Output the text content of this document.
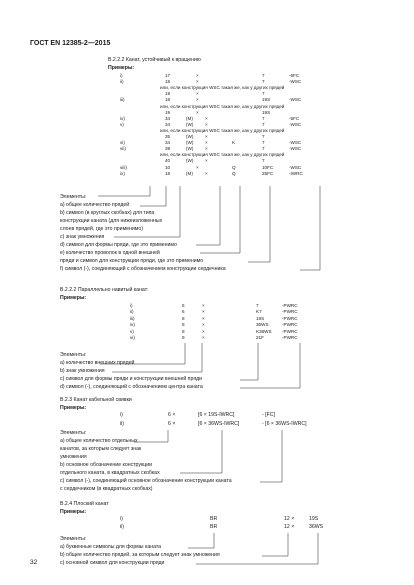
ГОСТ EN 12385-2—2015
В.2.2.2 Канат, устойчивый к вращению
Примеры:
i)	17	×	7	-6FC
ii)	18	×	7	-WSC
или, если конструкция WSC такая же, как у других прядей
19	×	7
iii)	18	×	19S	-WSC
или, если конструкция WSC такая же, как у других прядей
19	×	19S
iv)	34	(M)	×	7	-5FC
v)	34	(W)	×	7	-WSC
или, если конструкция WSC такая же, как у других прядей
35	(W)	×	7
vi)	34	(W)	×	K	7	-WSC
vii)	39	(W)	×	7	-WSC
или, если конструкция WSC такая же, как у других прядей
40	(W)	×	7
viii)	10	×	Q	10FC	-WSC
ix)	18	(M)	×	Q	25FC	-IWRC
Элементы:
a) общее количество прядей
b) символ (в круглых скобках) для типа
конструкции каната (для нижеизложенных
слоев прядей, где это применимо)
c) знак умножения
d) символ для формы пряди, где это применимо
e) количество проволок в одной внешней
пряди и символ для конструкции пряди, где это применимо
f) символ (-), соединяющий с обозначением конструкции сердечника
В.2.2.2 Параллельно навитый канат:
Примеры:
i)	6	×	7	-PWRC
ii)	6	×	K7	-PWRC
iii)	8	×	19S	-PWRC
iv)	8	×	36WS	-PWRC
v)	8	×	K36WS -PWRC
vi)	9	×	21F	-PWRC
Элементы:
a) количество внешних прядей
b) знак умножения
c) символ для формы пряди и конструкции внешней пряди
d) символ (-), соединяющий с обозначением центра каната
В.2.3 Канат кабельной свивки
Примеры:
i)	6 ×	[6 × 19S-IWRC]	- [FC]
ii)	6 ×	[6 × 36WS-IWRC]	- [6 × 36WS-IWRC]
Элементы:
a) общее количество отдельных
канатов, за которым следует знак
умножения
b) основное обозначение конструкции
отдельного каната, в квадратных скобках
c) символ (-), соединяющий основное обозначение конструкции каната
с сердечником (в квадратных скобках)
В.2.4 Плоский канат
Примеры:
i)	BR	12 ×	19S
ii)	BR	12 ×	36WS
Элементы:
a) буквенные символы для формы каната
b) общее количество прядей, за которым следует знак умножения
c) основной символ для конструкции пряди
32
